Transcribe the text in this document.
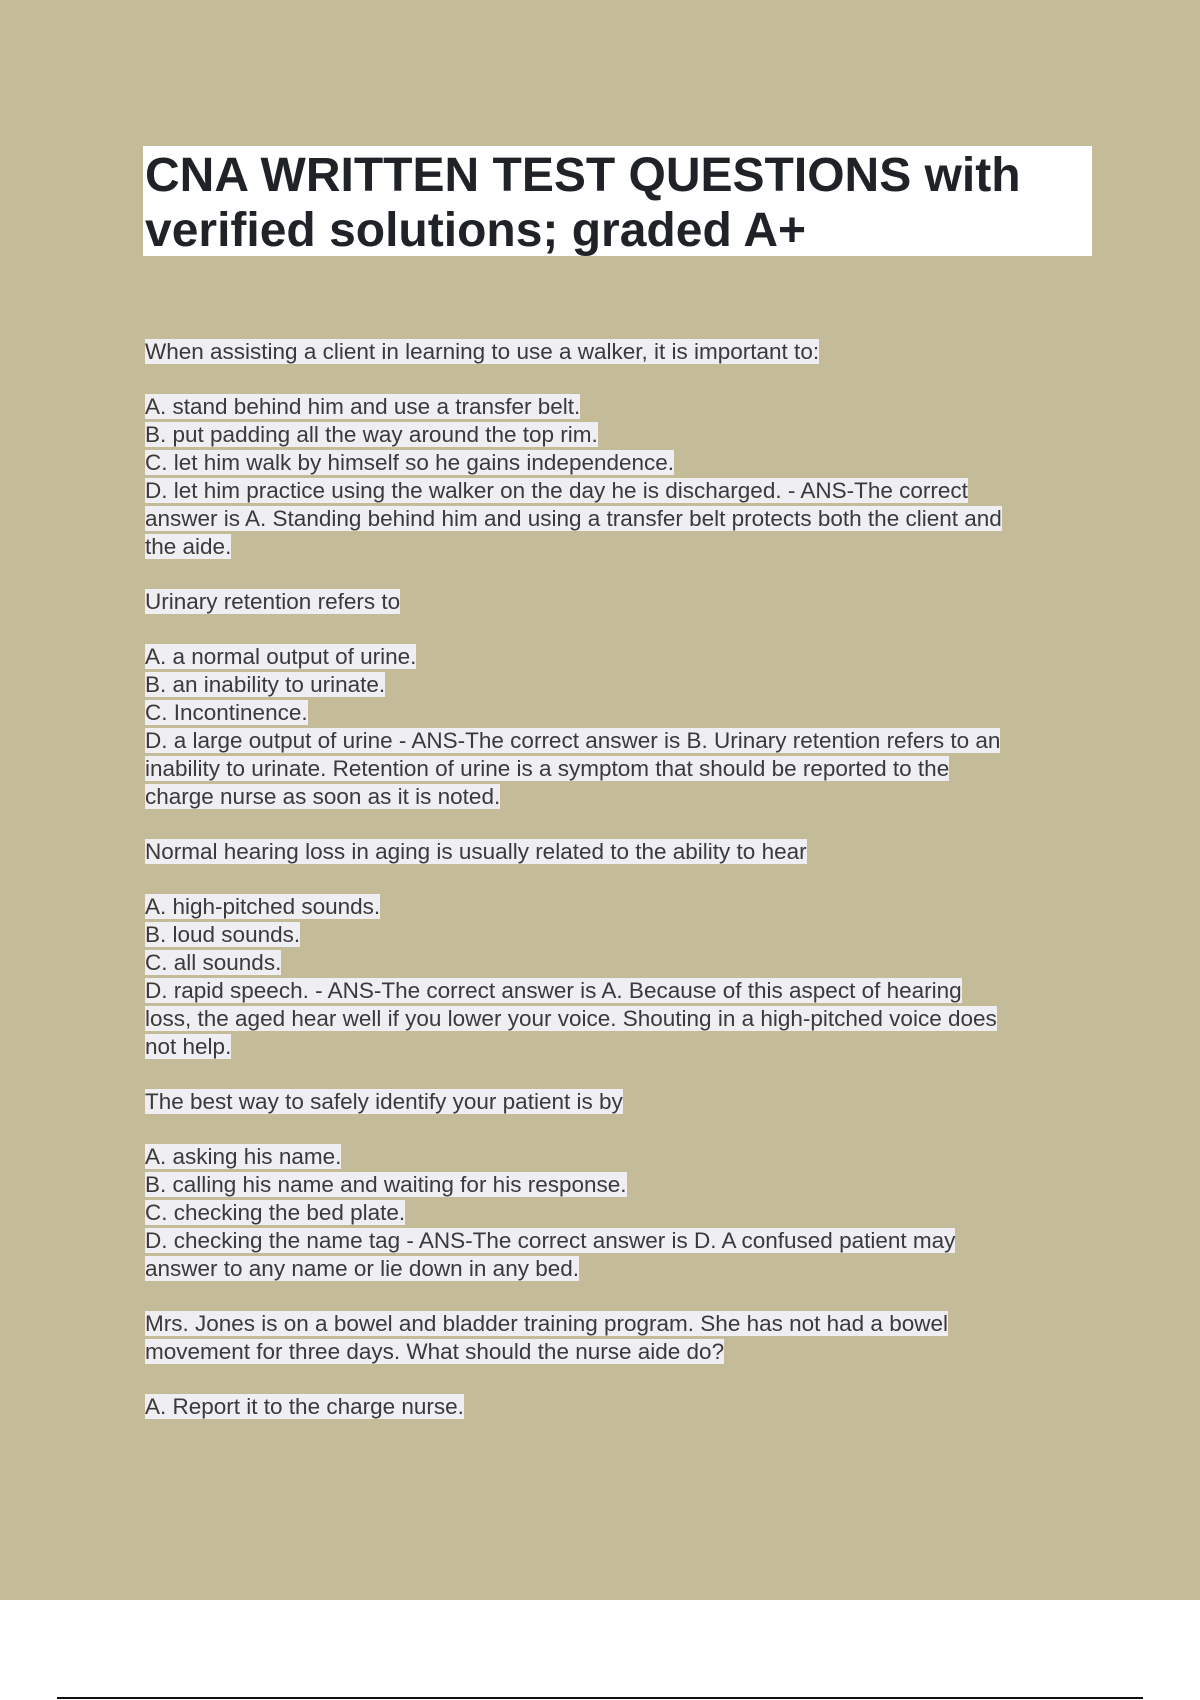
CNA WRITTEN TEST QUESTIONS with
verified solutions; graded A+
When assisting a client in learning to use a walker, it is important to:
A. stand behind him and use a transfer belt.
B. put padding all the way around the top rim.
C. let him walk by himself so he gains independence.
D. let him practice using the walker on the day he is discharged. - ANS-The correct
answer is A. Standing behind him and using a transfer belt protects both the client and
the aide.
Urinary retention refers to
A. a normal output of urine.
B. an inability to urinate.
C. Incontinence.
D. a large output of urine - ANS-The correct answer is B. Urinary retention refers to an
inability to urinate. Retention of urine is a symptom that should be reported to the
charge nurse as soon as it is noted.
Normal hearing loss in aging is usually related to the ability to hear
A. high-pitched sounds.
B. loud sounds.
C. all sounds.
D. rapid speech. - ANS-The correct answer is A. Because of this aspect of hearing
loss, the aged hear well if you lower your voice. Shouting in a high-pitched voice does
not help.
The best way to safely identify your patient is by
A. asking his name.
B. calling his name and waiting for his response.
C. checking the bed plate.
D. checking the name tag - ANS-The correct answer is D. A confused patient may
answer to any name or lie down in any bed.
Mrs. Jones is on a bowel and bladder training program. She has not had a bowel
movement for three days. What should the nurse aide do?
A. Report it to the charge nurse.
